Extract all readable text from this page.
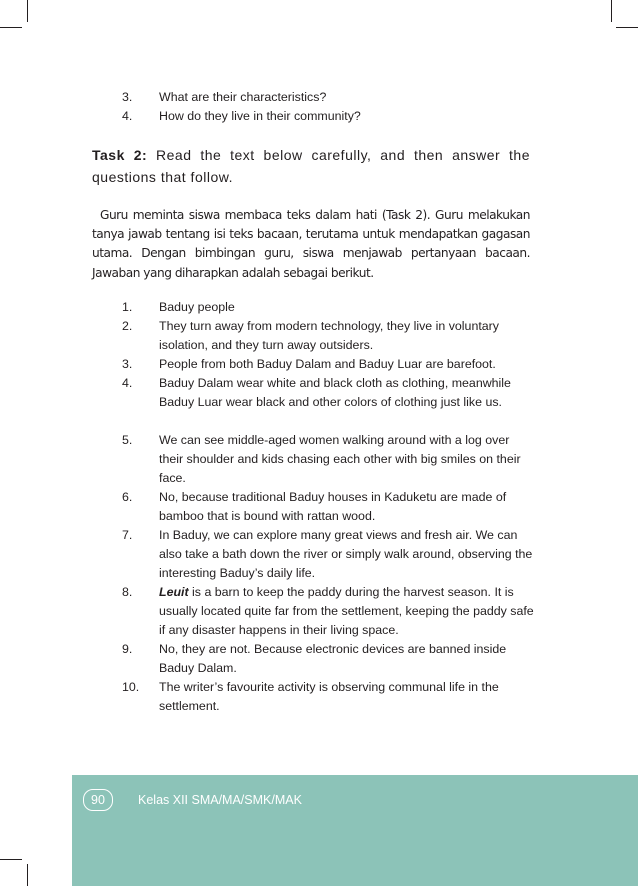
3. What are their characteristics?
4. How do they live in their community?
Task 2: Read the text below carefully, and then answer the questions that follow.
Guru meminta siswa membaca teks dalam hati (Task 2). Guru melakukan tanya jawab tentang isi teks bacaan, terutama untuk mendapatkan gagasan utama. Dengan bimbingan guru, siswa menjawab pertanyaan bacaan. Jawaban yang diharapkan adalah sebagai berikut.
1. Baduy people
2. They turn away from modern technology, they live in voluntary isolation, and they turn away outsiders.
3. People from both Baduy Dalam and Baduy Luar are barefoot.
4. Baduy Dalam wear white and black cloth as clothing, meanwhile Baduy Luar wear black and other colors of clothing just like us.
5. We can see middle-aged women walking around with a log over their shoulder and kids chasing each other with big smiles on their face.
6. No, because traditional Baduy houses in Kaduketu are made of bamboo that is bound with rattan wood.
7. In Baduy, we can explore many great views and fresh air. We can also take a bath down the river or simply walk around, observing the interesting Baduy’s daily life.
8. Leuit is a barn to keep the paddy during the harvest season. It is usually located quite far from the settlement, keeping the paddy safe if any disaster happens in their living space.
9. No, they are not. Because electronic devices are banned inside Baduy Dalam.
10. The writer’s favourite activity is observing communal life in the settlement.
90	Kelas XII SMA/MA/SMK/MAK
